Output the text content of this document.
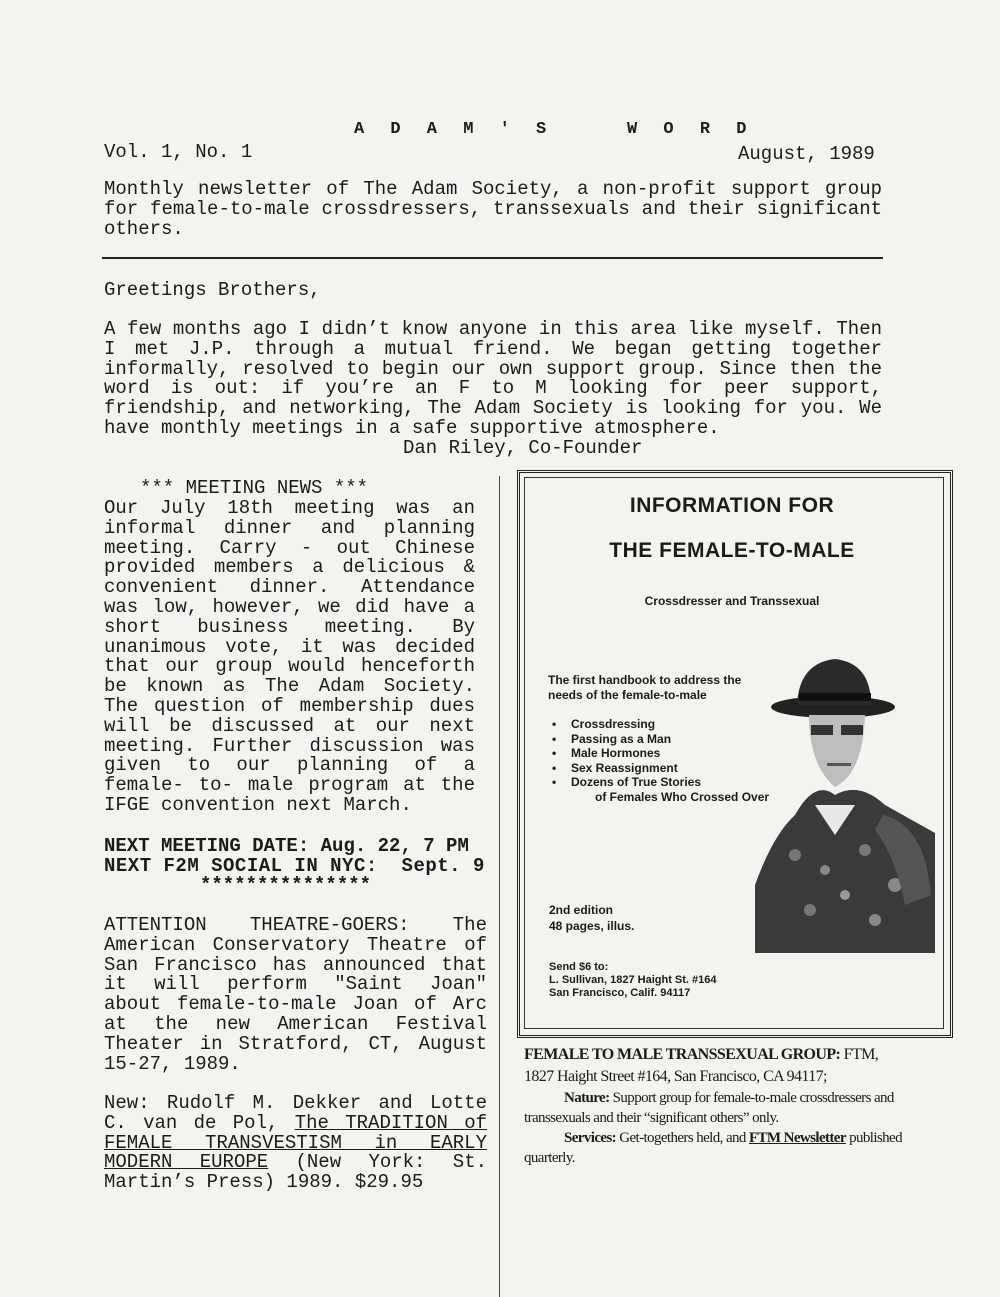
A D A M ' S    W O R D
Vol. 1, No. 1	August, 1989
Monthly newsletter of The Adam Society, a non-profit support group for female-to-male crossdressers, transsexuals and their significant others.
Greetings Brothers,
A few months ago I didn’t know anyone in this area like myself. Then I met J.P. through a mutual friend. We began getting together informally, resolved to begin our own support group. Since then the word is out: if you’re an F to M looking for peer support, friendship, and networking, The Adam Society is looking for you. We have monthly meetings in a safe supportive atmosphere.
Dan Riley, Co-Founder
*** MEETING NEWS ***
Our July 18th meeting was an informal dinner and planning meeting. Carry - out Chinese provided members a delicious & convenient dinner. Attendance was low, however, we did have a short business meeting. By unanimous vote, it was decided that our group would henceforth be known as The Adam Society. The question of membership dues will be discussed at our next meeting. Further discussion was given to our planning of a female- to- male program at the IFGE convention next March.
NEXT MEETING DATE: Aug. 22, 7 PM
NEXT F2M SOCIAL IN NYC:  Sept. 9
***************
ATTENTION THEATRE-GOERS: The American Conservatory Theatre of San Francisco has announced that it will perform "Saint Joan" about female-to-male Joan of Arc at the new American Festival Theater in Stratford, CT, August 15-27, 1989.
New: Rudolf M. Dekker and Lotte C. van de Pol, The TRADITION of FEMALE TRANSVESTISM in EARLY MODERN EUROPE (New York: St. Martin’s Press) 1989. $29.95
INFORMATION FOR
THE FEMALE-TO-MALE
Crossdresser and Transsexual
The first handbook to address the needs of the female-to-male
• Crossdressing
• Passing as a Man
• Male Hormones
• Sex Reassignment
• Dozens of True Stories
of Females Who Crossed Over
2nd edition
48 pages, illus.
Send $6 to:
L. Sullivan, 1827 Haight St. #164
San Francisco, Calif. 94117
FEMALE TO MALE TRANSSEXUAL GROUP: FTM,
1827 Haight Street #164, San Francisco, CA 94117;
Nature: Support group for female-to-male crossdressers and transsexuals and their “significant others” only.
Services: Get-togethers held, and FTM Newsletter published quarterly.
